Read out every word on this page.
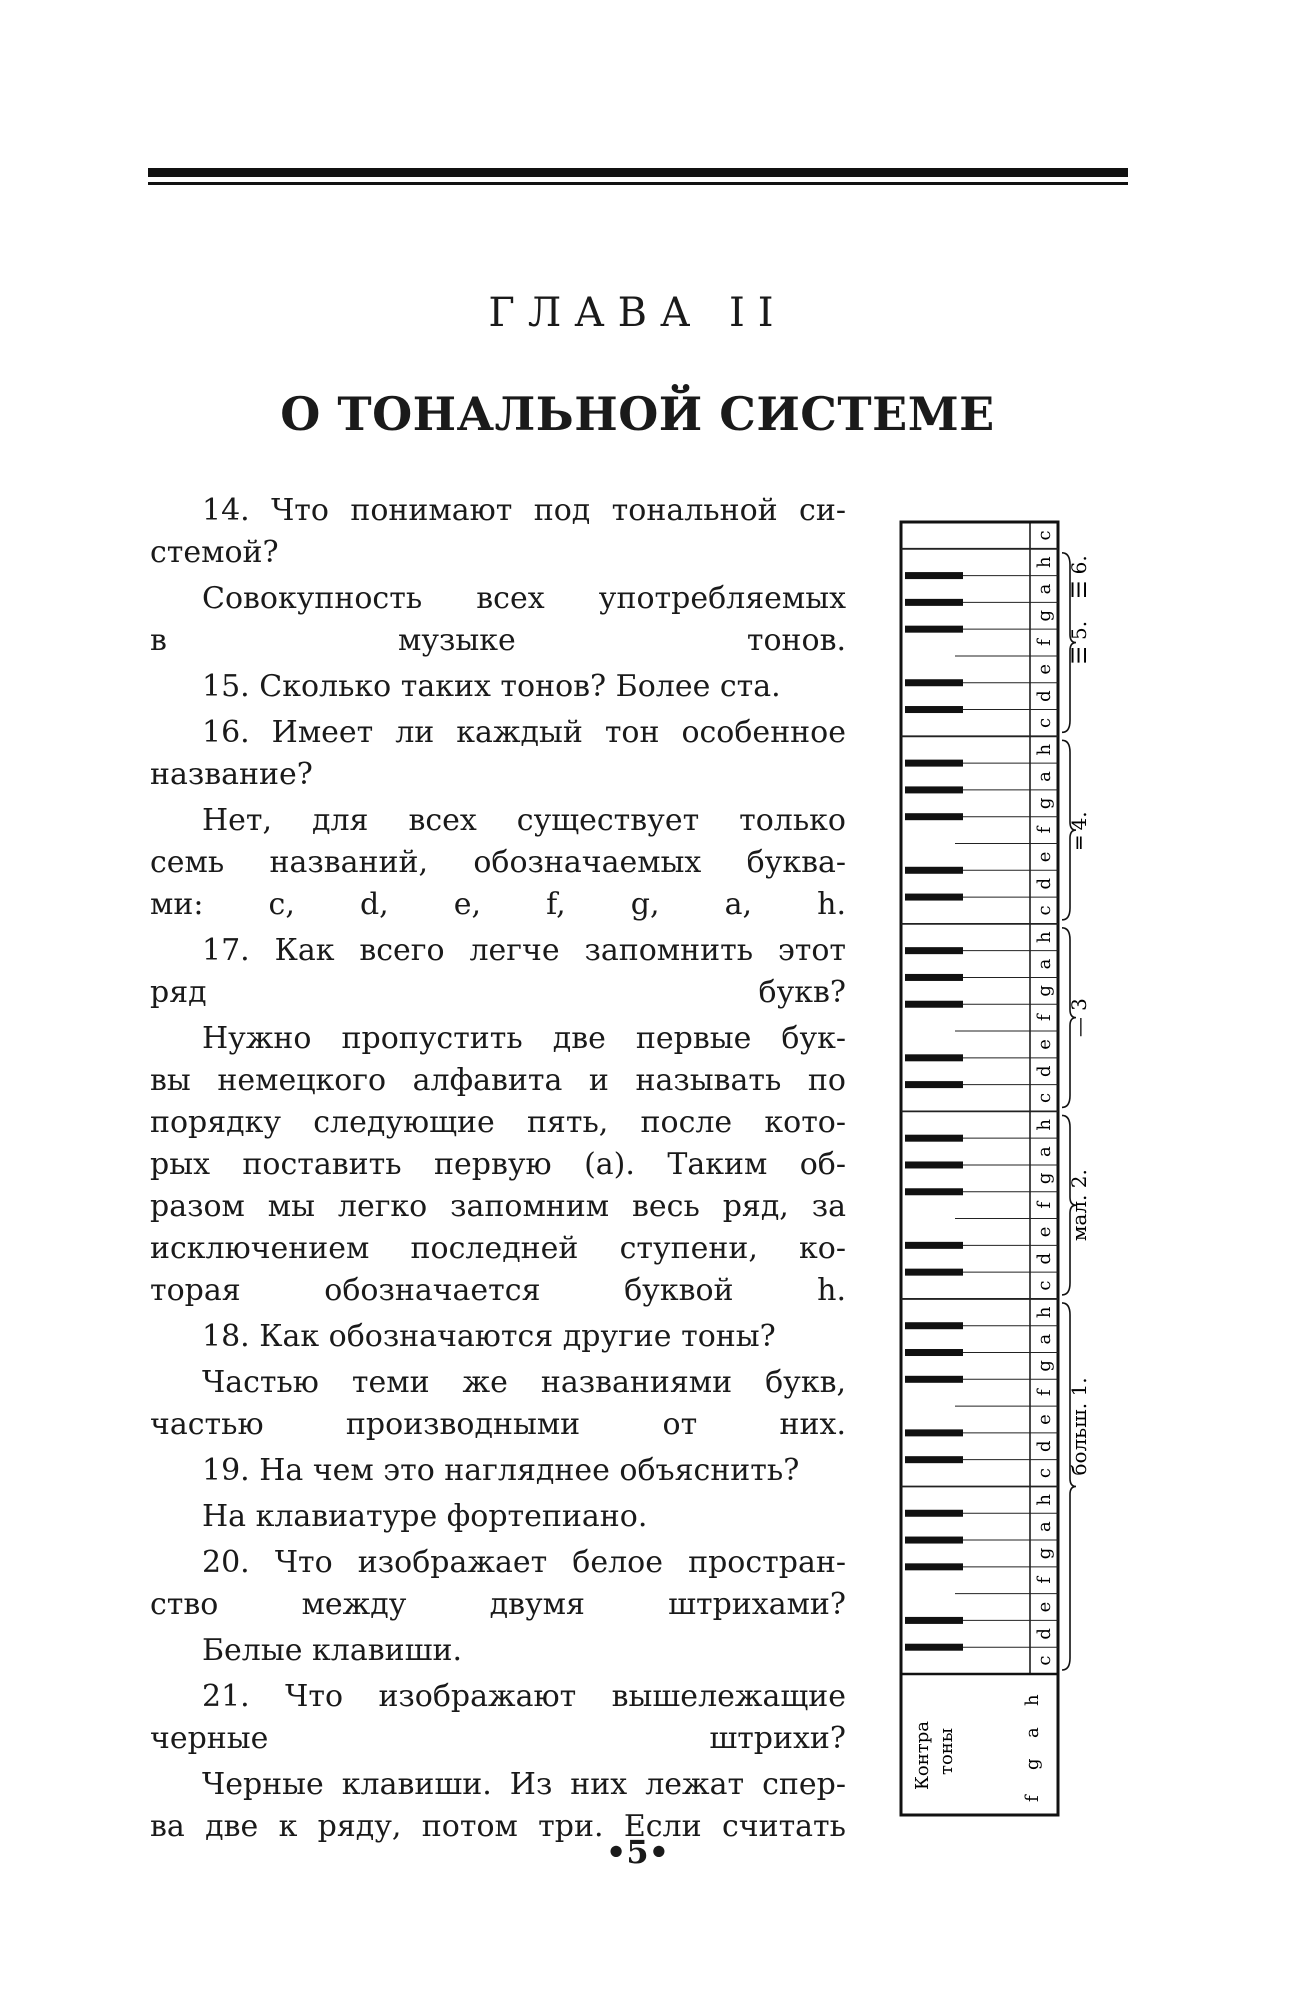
ГЛАВА II
О ТОНАЛЬНОЙ СИСТЕМЕ

14. Что понимают под тональной си-
стемой?

Совокупность всех употребляемых
в музыке тонов.

15. Сколько таких тонов? Более ста.

16. Имеет ли каждый тон особенное
название?

Нет, для всех существует только
семь названий, обозначаемых буква-
ми: c, d, e, f, g, a, h.

17. Как всего легче запомнить этот
ряд букв?

Нужно пропустить две первые бук-
вы немецкого алфавита и называть по
порядку следующие пять, после кото-
рых поставить первую (а). Таким об-
разом мы легко запомним весь ряд, за
исключением последней ступени, ко-
торая обозначается буквой h.

18. Как обозначаются другие тоны?

Частью теми же названиями букв,
частью производными от них.

19. На чем это нагляднее объяснить?

На клавиатуре фортепиано.

20. Что изображает белое простран-
ство между двумя штрихами?

Белые клавиши.

21. Что изображают вышележащие
черные штрихи?

Черные клавиши. Из них лежат спер-
ва две к ряду, потом три. Если считать

c
d
e
f
g
a
h
c
d
e
f
g
a
h
c
d
e
f
g
a
h
c
d
e
f
g
a
h
c
d
e
f
g
a
h
c
d
e
f
g
a
h
c
Контра тоны
f
g
a
h
больш. 1.
мал. 2.
— 3
═ 4.
☰ 5.
☰ 6.
•5•
